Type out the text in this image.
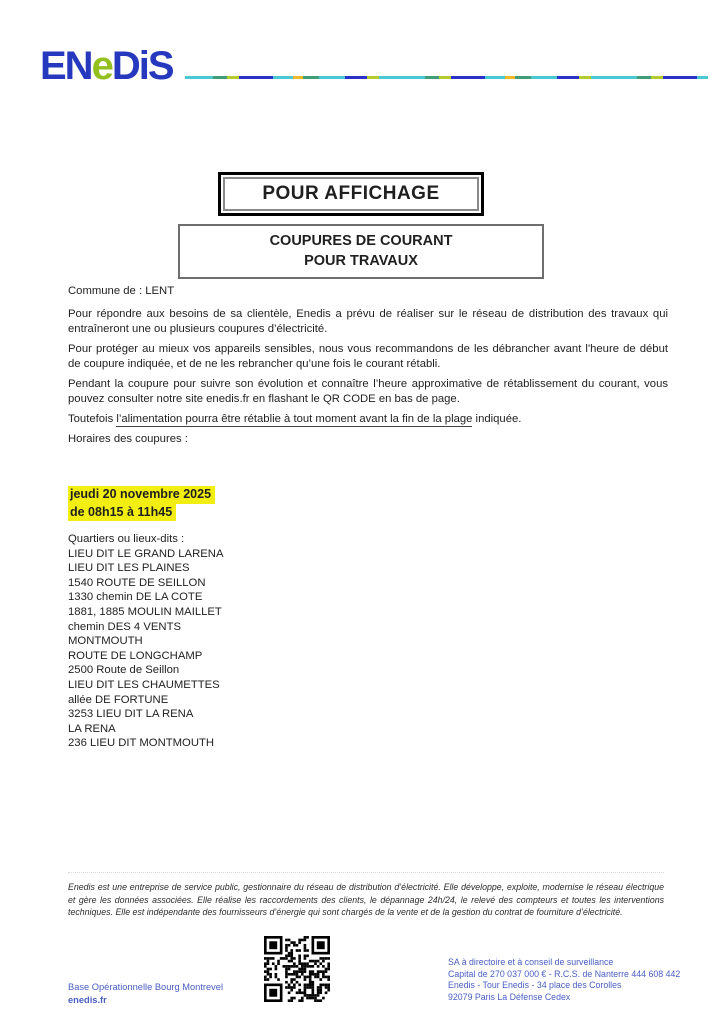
ENeDiS
POUR AFFICHAGE
COUPURES DE COURANT
POUR TRAVAUX
Commune de : LENT

Pour répondre aux besoins de sa clientèle, Enedis a prévu de réaliser sur le réseau de distribution des travaux qui entraîneront une ou plusieurs coupures d’électricité.

Pour protéger au mieux vos appareils sensibles, nous vous recommandons de les débrancher avant l'heure de début de coupure indiquée, et de ne les rebrancher qu’une fois le courant rétabli.

Pendant la coupure pour suivre son évolution et connaître l’heure approximative de rétablissement du courant, vous pouvez consulter notre site enedis.fr en flashant le QR CODE en bas de page.

Toutefois l’alimentation pourra être rétablie à tout moment avant la fin de la plage indiquée.

Horaires des coupures :

jeudi 20 novembre 2025
de 08h15 à 11h45
Quartiers ou lieux-dits :
LIEU DIT LE GRAND LARENA
LIEU DIT LES PLAINES
1540 ROUTE DE SEILLON
1330 chemin DE LA COTE
1881, 1885 MOULIN MAILLET
chemin DES 4 VENTS
MONTMOUTH
ROUTE DE LONGCHAMP
2500 Route de Seillon
LIEU DIT LES CHAUMETTES
allée DE FORTUNE
3253 LIEU DIT LA RENA
LA RENA
236 LIEU DIT MONTMOUTH
Enedis est une entreprise de service public, gestionnaire du réseau de distribution d’électricité. Elle développe, exploite, modernise le réseau électrique et gère les données associées. Elle réalise les raccordements des clients, le dépannage 24h/24, le relevé des compteurs et toutes les interventions techniques. Elle est indépendante des fournisseurs d’énergie qui sont chargés de la vente et de la gestion du contrat de fourniture d’électricité.
SA à directoire et à conseil de surveillance
Capital de 270 037 000 € - R.C.S. de Nanterre 444 608 442
Enedis - Tour Enedis - 34 place des Corolles
92079 Paris La Défense Cedex
Base Opérationnelle Bourg Montrevel
enedis.fr
